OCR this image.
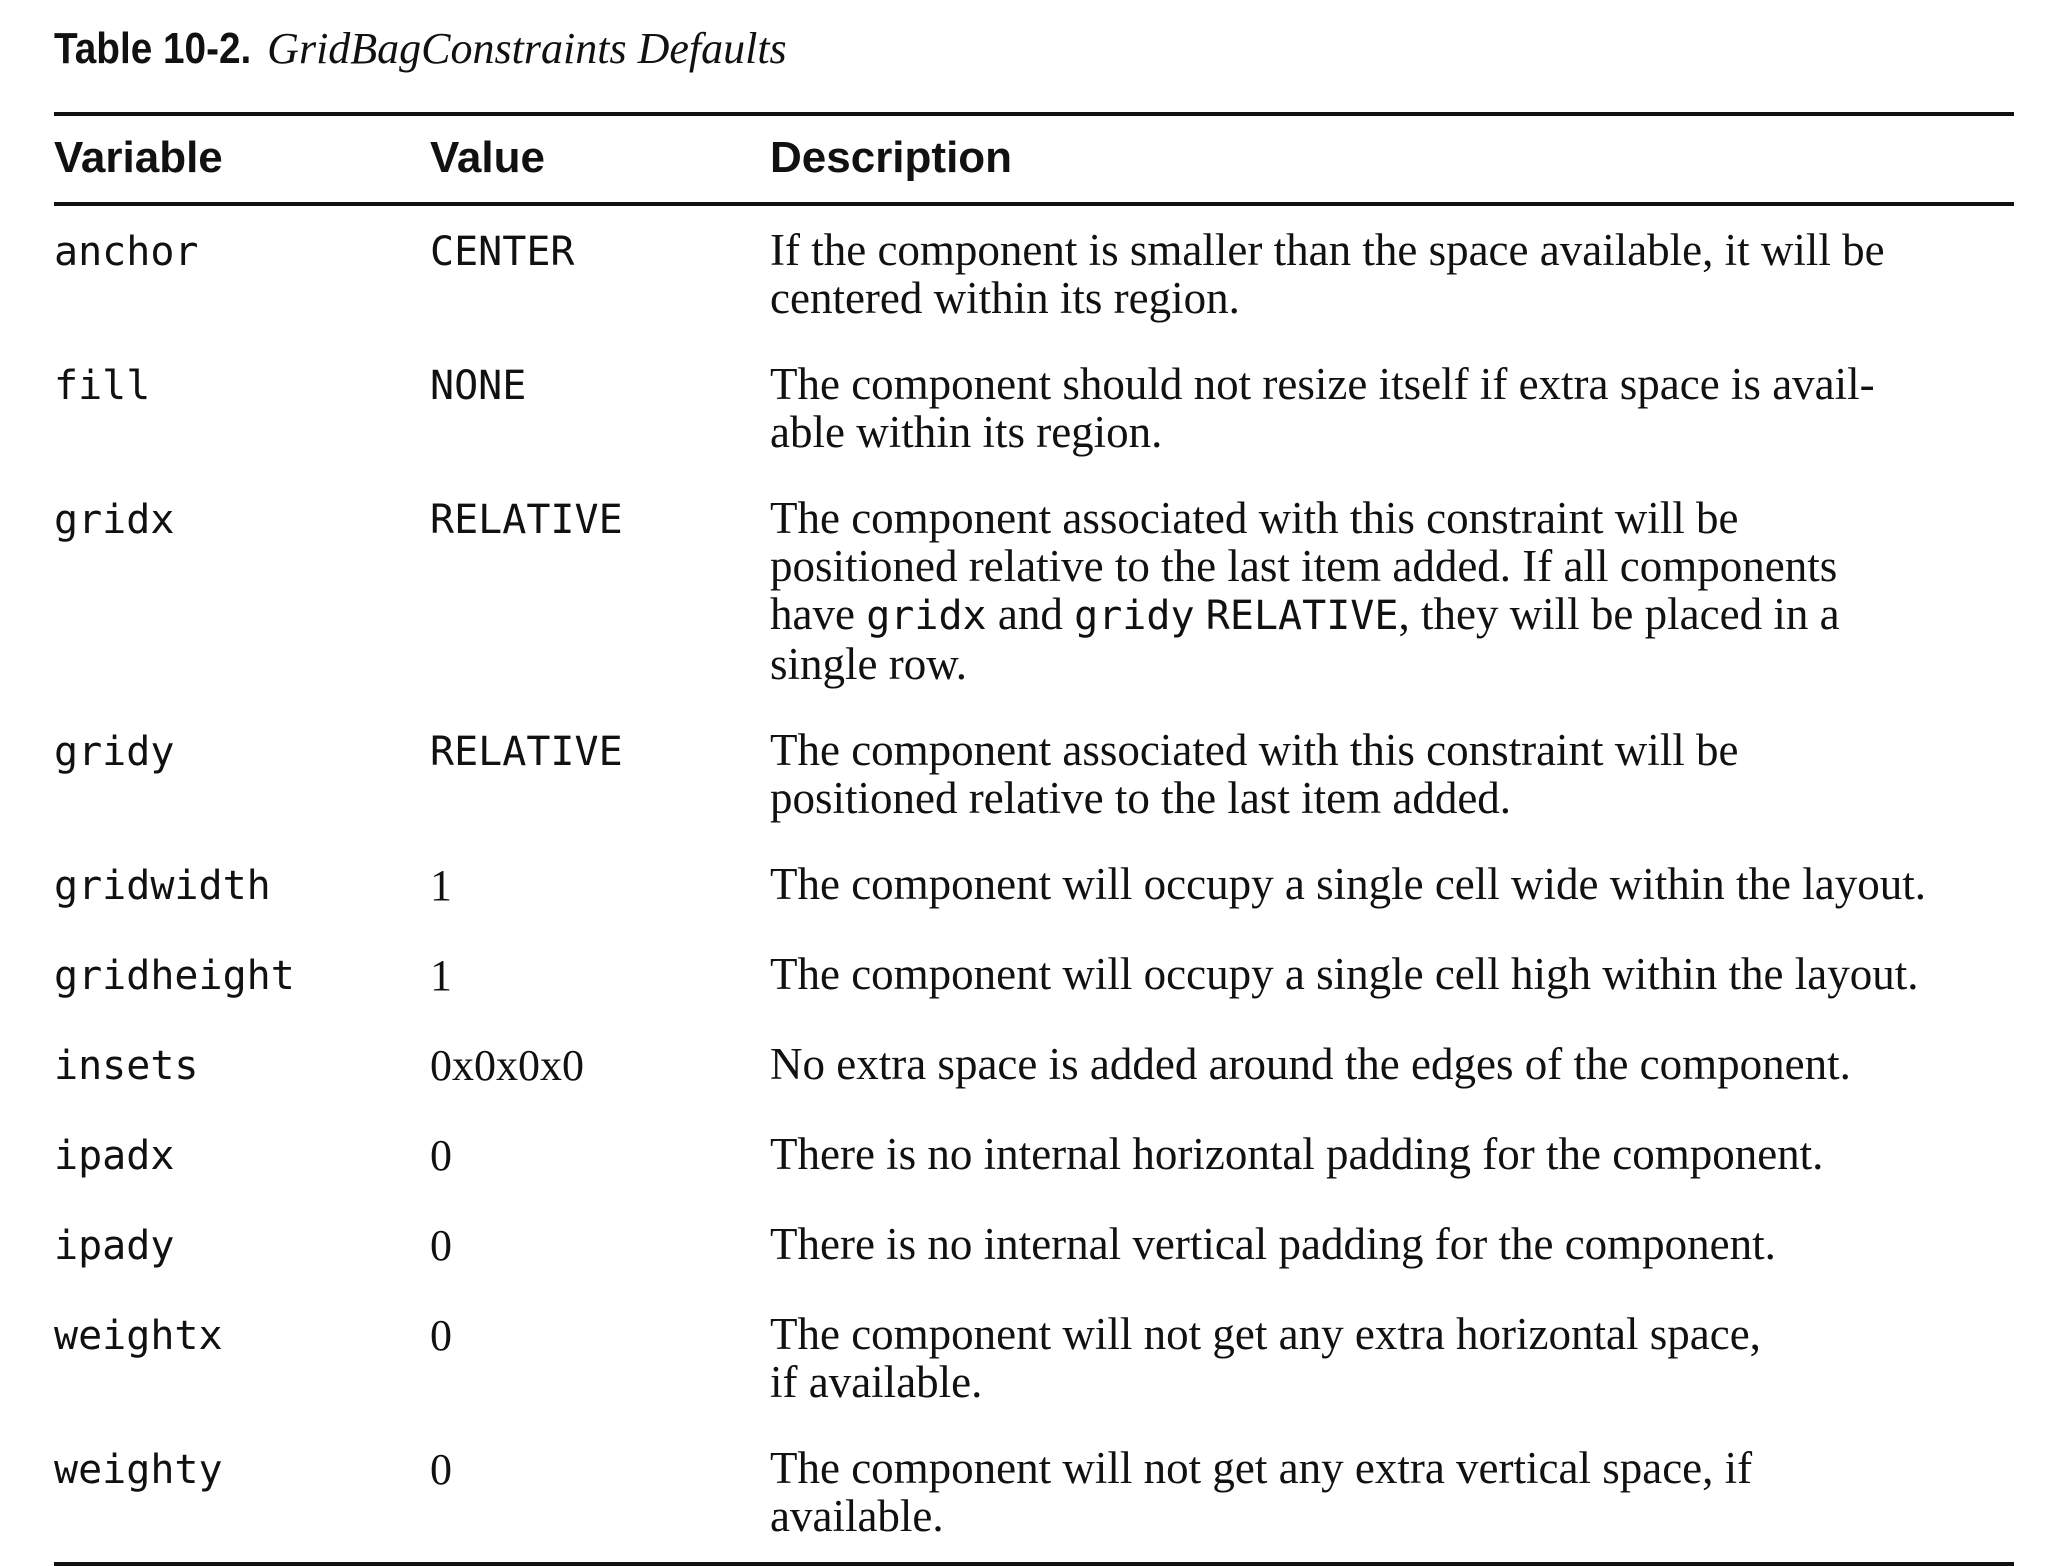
Table 10-2. GridBagConstraints Defaults
Variable	Value	Description
anchor	CENTER	If the component is smaller than the space available, it will be
centered within its region.

fill	NONE	The component should not resize itself if extra space is avail-
able within its region.

gridx	RELATIVE	The component associated with this constraint will be
positioned relative to the last item added. If all components
have gridx and gridy RELATIVE, they will be placed in a
single row.

gridy	RELATIVE	The component associated with this constraint will be
positioned relative to the last item added.

gridwidth	1	The component will occupy a single cell wide within the layout.

gridheight	1	The component will occupy a single cell high within the layout.

insets	0x0x0x0	No extra space is added around the edges of the component.

ipadx	0	There is no internal horizontal padding for the component.

ipady	0	There is no internal vertical padding for the component.

weightx	0	The component will not get any extra horizontal space,
if available.

weighty	0	The component will not get any extra vertical space, if
available.
